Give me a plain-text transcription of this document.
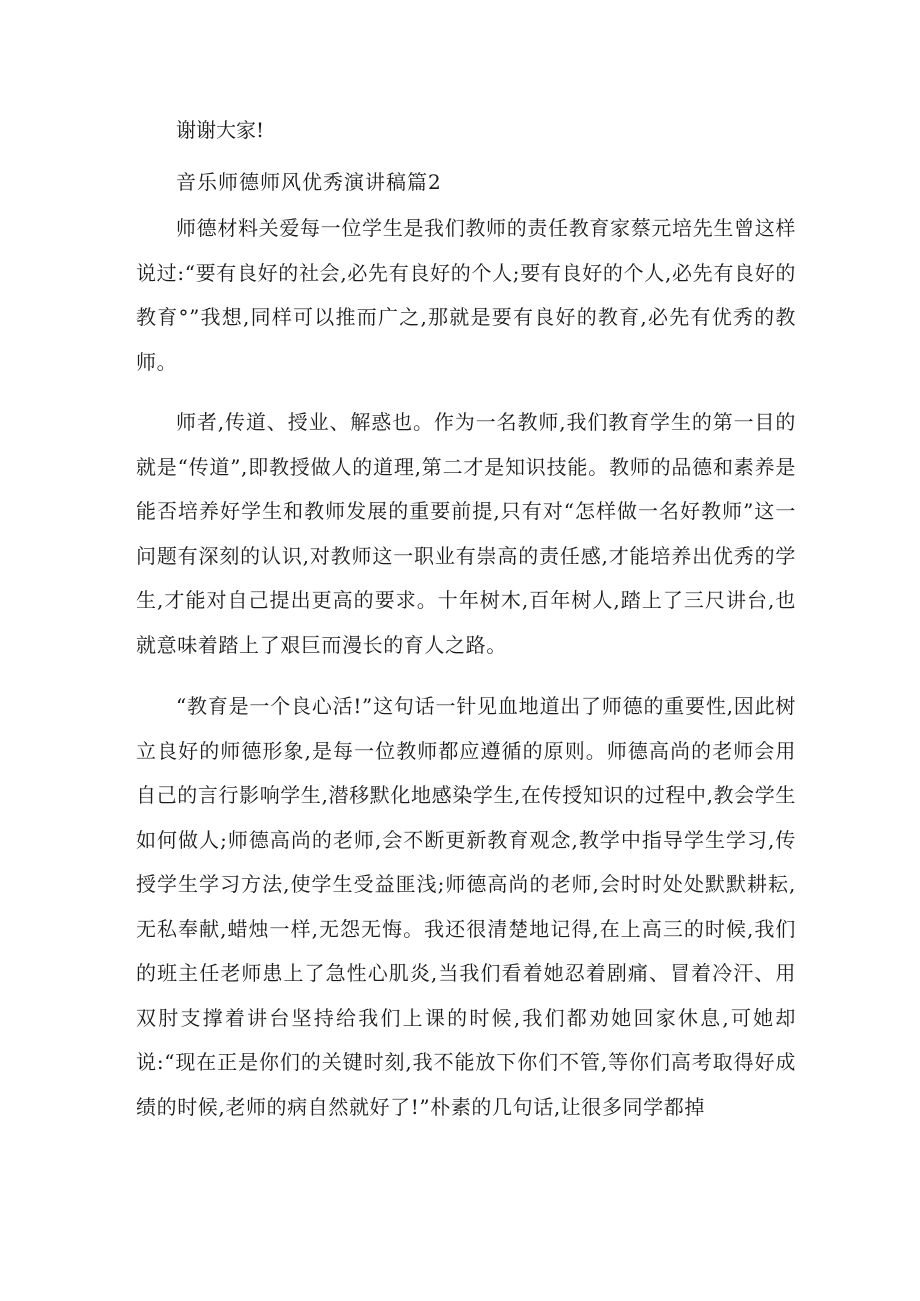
谢谢大家!

音乐师德师风优秀演讲稿篇2

师德材料关爱每一位学生是我们教师的责任教育家蔡元培先生曾这样说过:“要有良好的社会,必先有良好的个人;要有良好的个人,必先有良好的教育°”我想,同样可以推而广之,那就是要有良好的教育,必先有优秀的教师。

师者,传道、授业、解惑也。作为一名教师,我们教育学生的第一目的就是“传道”,即教授做人的道理,第二才是知识技能。教师的品德和素养是能否培养好学生和教师发展的重要前提,只有对“怎样做一名好教师”这一问题有深刻的认识,对教师这一职业有崇高的责任感,才能培养出优秀的学生,才能对自己提出更高的要求。十年树木,百年树人,踏上了三尺讲台,也就意味着踏上了艰巨而漫长的育人之路。

“教育是一个良心活!”这句话一针见血地道出了师德的重要性,因此树立良好的师德形象,是每一位教师都应遵循的原则。师德高尚的老师会用自己的言行影响学生,潜移默化地感染学生,在传授知识的过程中,教会学生如何做人;师德高尚的老师,会不断更新教育观念,教学中指导学生学习,传授学生学习方法,使学生受益匪浅;师德高尚的老师,会时时处处默默耕耘,无私奉献,蜡烛一样,无怨无悔。我还很清楚地记得,在上高三的时候,我们的班主任老师患上了急性心肌炎,当我们看着她忍着剧痛、冒着冷汗、用双肘支撑着讲台坚持给我们上课的时候,我们都劝她回家休息,可她却说:“现在正是你们的关键时刻,我不能放下你们不管,等你们高考取得好成绩的时候,老师的病自然就好了!”朴素的几句话,让很多同学都掉
